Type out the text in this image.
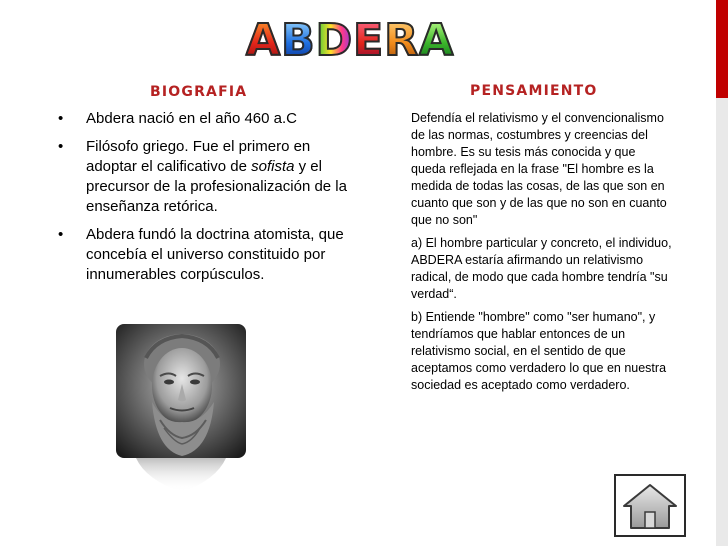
A B D E R A
BIOGRAFIA	PENSAMIENTO
• Abdera nació en el año 460 a.C
• Filósofo griego. Fue el primero en adoptar el calificativo de sofista y el precursor de la profesionalización de la enseñanza retórica.
• Abdera fundó la doctrina atomista, que concebía el universo constituido por innumerables corpúsculos.

Defendía el relativismo y el convencionalismo de las normas, costumbres y creencias del hombre. Es su tesis más conocida y que queda reflejada en la frase "El hombre es la medida de todas las cosas, de las que son en cuanto que son y de las que no son en cuanto que no son"

a) El hombre particular y concreto, el individuo, ABDERA estaría afirmando un relativismo radical, de modo que cada hombre tendría "su verdad“.

b) Entiende "hombre" como "ser humano", y tendríamos que hablar entonces de un relativismo social, en el sentido de que aceptamos como verdadero lo que en nuestra sociedad es aceptado como verdadero.
